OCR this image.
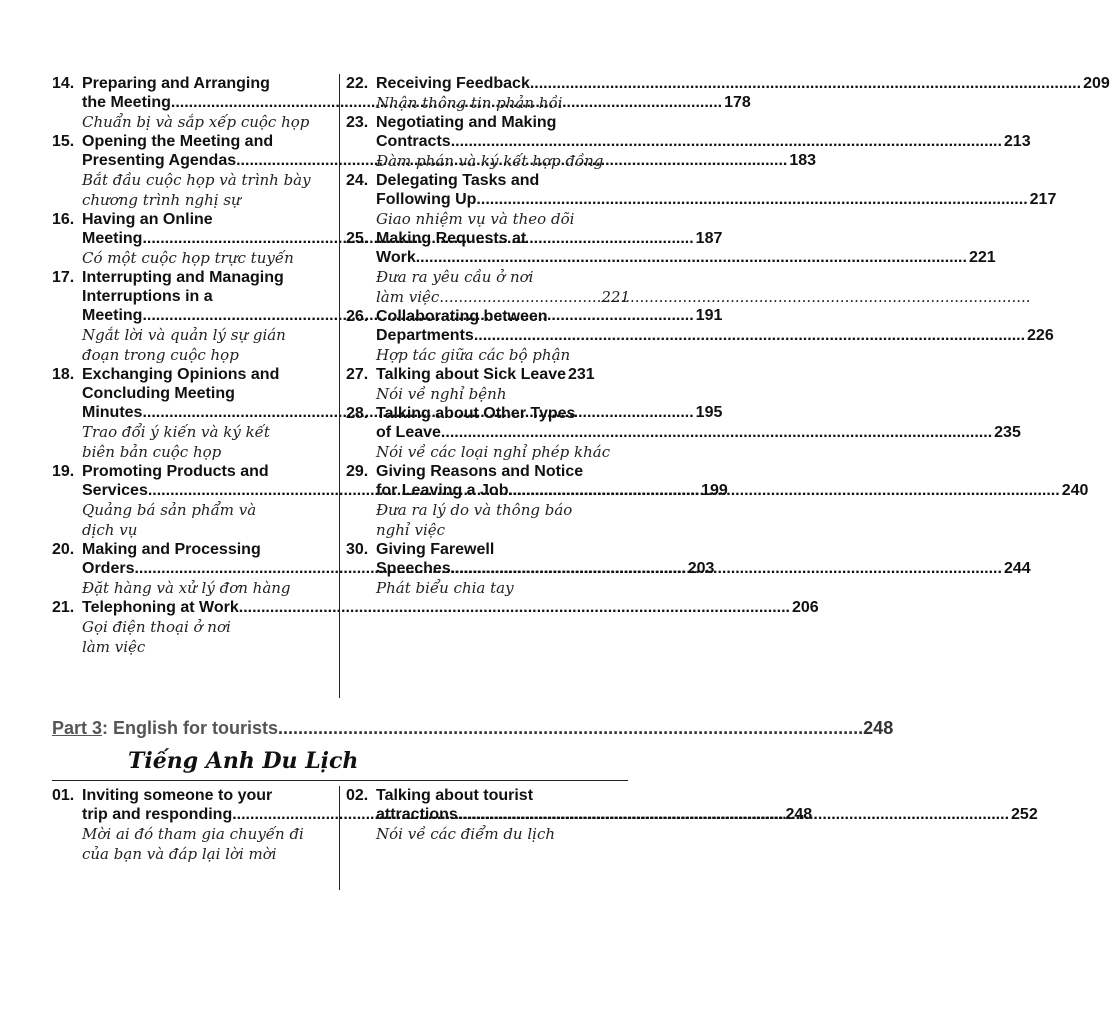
14. Preparing and Arranging
the Meeting .....	178
Chuẩn bị và sắp xếp cuộc họp
15. Opening the Meeting and
Presenting Agendas .....	183
Bắt đầu cuộc họp và trình bày
chương trình nghị sự
16. Having an Online
Meeting .....	187
Có một cuộc họp trực tuyến
17. Interrupting and Managing
Interruptions in a
Meeting .....	191
Ngắt lời và quản lý sự gián
đoạn trong cuộc họp
18. Exchanging Opinions and
Concluding Meeting
Minutes .....	195
Trao đổi ý kiến và ký kết
biên bản cuộc họp
19. Promoting Products and
Services .....	199
Quảng bá sản phẩm và
dịch vụ
20. Making and Processing
Orders .....	203
Đặt hàng và xử lý đơn hàng
21. Telephoning at Work .....	206
Gọi điện thoại ở nơi
làm việc
22. Receiving Feedback .....	209
Nhận thông tin phản hồi
23. Negotiating and Making
Contracts .....	213
Đàm phán và ký kết hợp đồng
24. Delegating Tasks and
Following Up .....	217
Giao nhiệm vụ và theo dõi
25. Making Requests at
Work .....	221
Đưa ra yêu cầu ở nơi
làm việc .....	221
26. Collaborating between
Departments .....	226
Hợp tác giữa các bộ phận
27. Talking about Sick Leave 231
Nói về nghỉ bệnh
28. Talking about Other Types
of Leave .....	235
Nói về các loại nghỉ phép khác
29. Giving Reasons and Notice
for Leaving a Job .....	240
Đưa ra lý do và thông báo
nghỉ việc
30. Giving Farewell
Speeches .....	244
Phát biểu chia tay
Part 3 : English for tourists .....	248
Tiếng Anh Du Lịch
01. Inviting someone to your
trip and responding .....	248
Mời ai đó tham gia chuyến đi
của bạn và đáp lại lời mời
02. Talking about tourist
attractions .....	252
Nói về các điểm du lịch
